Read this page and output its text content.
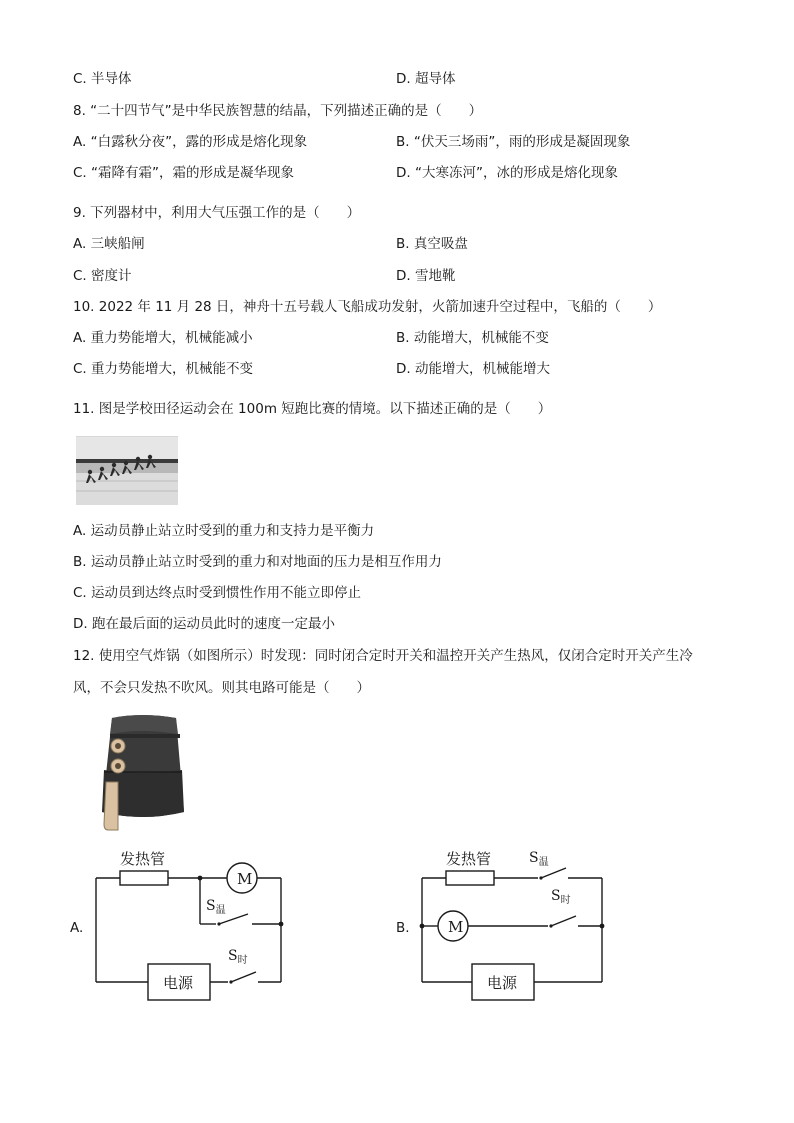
C. 半导体	D. 超导体
8. “二十四节气”是中华民族智慧的结晶，下列描述正确的是（　　）
A. “白露秋分夜”，露的形成是熔化现象	B. “伏天三场雨”，雨的形成是凝固现象
C. “霜降有霜”，霜的形成是凝华现象	D. “大寒冻河”，冰的形成是熔化现象
9. 下列器材中，利用大气压强工作的是（　　）
A. 三峡船闸	B. 真空吸盘
C. 密度计	D. 雪地靴
10. 2022 年 11 月 28 日，神舟十五号载人飞船成功发射，火箭加速升空过程中，飞船的（　　）
A. 重力势能增大，机械能减小	B. 动能增大，机械能不变
C. 重力势能增大，机械能不变	D. 动能增大，机械能增大
11. 图是学校田径运动会在 100m 短跑比赛的情境。以下描述正确的是（　　）
A. 运动员静止站立时受到的重力和支持力是平衡力
B. 运动员静止站立时受到的重力和对地面的压力是相互作用力
C. 运动员到达终点时受到惯性作用不能立即停止
D. 跑在最后面的运动员此时的速度一定最小
12. 使用空气炸锅（如图所示）时发现：同时闭合定时开关和温控开关产生热风，仅闭合定时开关产生冷
风，不会只发热不吹风。则其电路可能是（　　）
A.
发热管
M
$S_温$
$S_时$
电源
B.
发热管
M
$S_温$
$S_时$
电源
